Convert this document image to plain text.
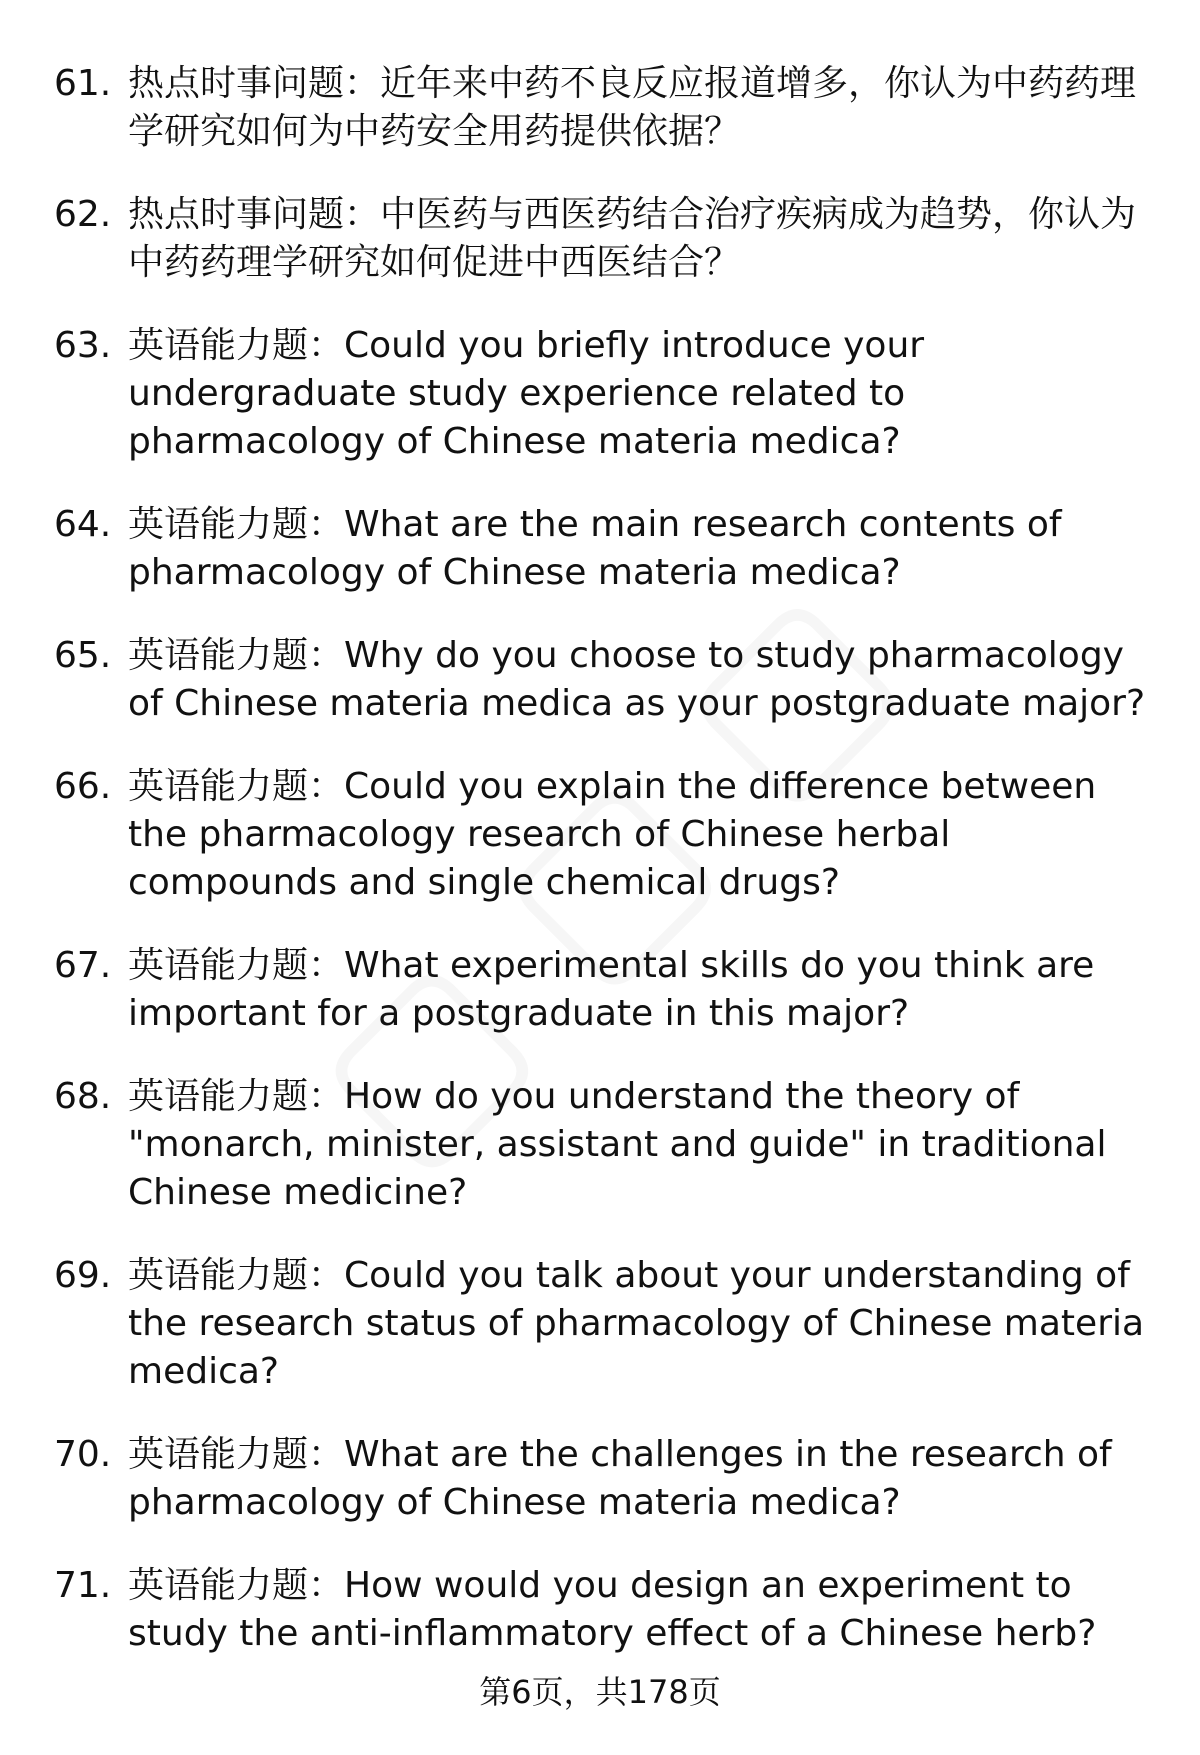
61. 热点时事问题：近年来中药不良反应报道增多，你认为中药药理学研究如何为中药安全用药提供依据？
62. 热点时事问题：中医药与西医药结合治疗疾病成为趋势，你认为中药药理学研究如何促进中西医结合？
63. 英语能力题：Could you briefly introduce your undergraduate study experience related to pharmacology of Chinese materia medica?
64. 英语能力题：What are the main research contents of pharmacology of Chinese materia medica?
65. 英语能力题：Why do you choose to study pharmacology of Chinese materia medica as your postgraduate major?
66. 英语能力题：Could you explain the difference between the pharmacology research of Chinese herbal compounds and single chemical drugs?
67. 英语能力题：What experimental skills do you think are important for a postgraduate in this major?
68. 英语能力题：How do you understand the theory of "monarch, minister, assistant and guide" in traditional Chinese medicine?
69. 英语能力题：Could you talk about your understanding of the research status of pharmacology of Chinese materia medica?
70. 英语能力题：What are the challenges in the research of pharmacology of Chinese materia medica?
71. 英语能力题：How would you design an experiment to study the anti-inflammatory effect of a Chinese herb?
第6页，共178页
